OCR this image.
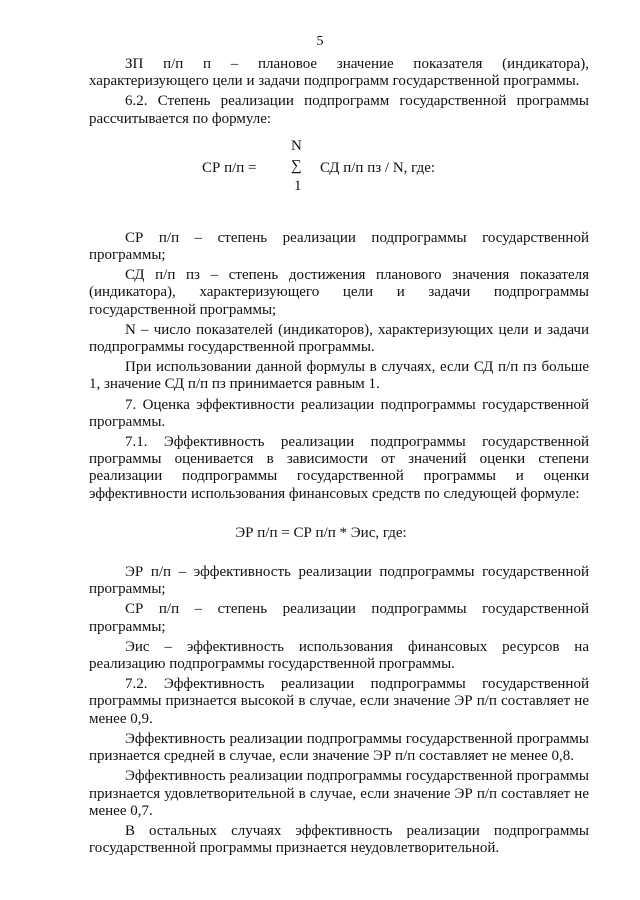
5

ЗП п/п п – плановое значение показателя (индикатора), характеризующего цели и задачи подпрограмм государственной программы.

6.2. Степень реализации подпрограмм государственной программы рассчитывается по формуле:

СР п/п =
N
∑
1
СД п/п пз / N, где:

СР п/п – степень реализации подпрограммы государственной программы;

СД п/п пз – степень достижения планового значения показателя (индикатора), характеризующего цели и задачи подпрограммы государственной программы;

N – число показателей (индикаторов), характеризующих цели и задачи подпрограммы государственной программы.

При использовании данной формулы в случаях, если СД п/п пз больше 1, значение СД п/п пз принимается равным 1.

7. Оценка эффективности реализации подпрограммы государственной программы.

7.1. Эффективность реализации подпрограммы государственной программы оценивается в зависимости от значений оценки степени реализации подпрограммы государственной программы и оценки эффективности использования финансовых средств по следующей формуле:

ЭР п/п = СР п/п * Эис, где:

ЭР п/п – эффективность реализации подпрограммы государственной программы;

СР п/п – степень реализации подпрограммы государственной программы;

Эис – эффективность использования финансовых ресурсов на реализацию подпрограммы государственной программы.

7.2. Эффективность реализации подпрограммы государственной программы признается высокой в случае, если значение ЭР п/п составляет не менее 0,9.

Эффективность реализации подпрограммы государственной программы признается средней в случае, если значение ЭР п/п составляет не менее 0,8.

Эффективность реализации подпрограммы государственной программы признается удовлетворительной в случае, если значение ЭР п/п составляет не менее 0,7.

В остальных случаях эффективность реализации подпрограммы государственной программы признается неудовлетворительной.
